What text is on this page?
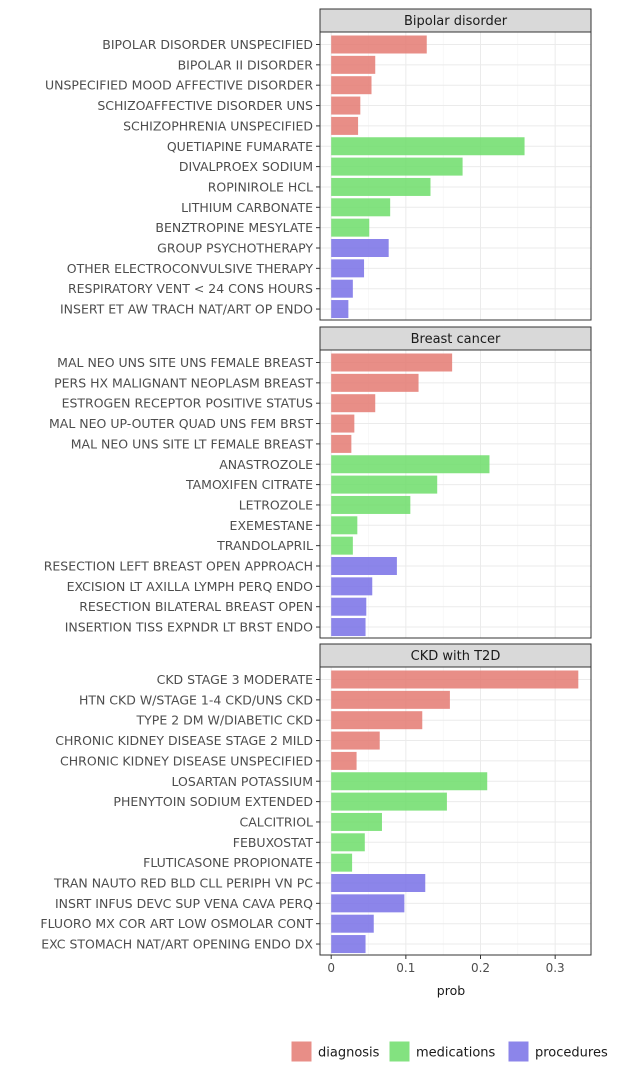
Bipolar disorder
BIPOLAR DISORDER UNSPECIFIED
BIPOLAR II DISORDER
UNSPECIFIED MOOD AFFECTIVE DISORDER
SCHIZOAFFECTIVE DISORDER UNS
SCHIZOPHRENIA UNSPECIFIED
QUETIAPINE FUMARATE
DIVALPROEX SODIUM
ROPINIROLE HCL
LITHIUM CARBONATE
BENZTROPINE MESYLATE
GROUP PSYCHOTHERAPY
OTHER ELECTROCONVULSIVE THERAPY
RESPIRATORY VENT < 24 CONS HOURS
INSERT ET AW TRACH NAT/ART OP ENDO
Breast cancer
MAL NEO UNS SITE UNS FEMALE BREAST
PERS HX MALIGNANT NEOPLASM BREAST
ESTROGEN RECEPTOR POSITIVE STATUS
MAL NEO UP-OUTER QUAD UNS FEM BRST
MAL NEO UNS SITE LT FEMALE BREAST
ANASTROZOLE
TAMOXIFEN CITRATE
LETROZOLE
EXEMESTANE
TRANDOLAPRIL
RESECTION LEFT BREAST OPEN APPROACH
EXCISION LT AXILLA LYMPH PERQ ENDO
RESECTION BILATERAL BREAST OPEN
INSERTION TISS EXPNDR LT BRST ENDO
CKD with T2D
CKD STAGE 3 MODERATE
HTN CKD W/STAGE 1-4 CKD/UNS CKD
TYPE 2 DM W/DIABETIC CKD
CHRONIC KIDNEY DISEASE STAGE 2 MILD
CHRONIC KIDNEY DISEASE UNSPECIFIED
LOSARTAN POTASSIUM
PHENYTOIN SODIUM EXTENDED
CALCITRIOL
FEBUXOSTAT
FLUTICASONE PROPIONATE
TRAN NAUTO RED BLD CLL PERIPH VN PC
INSRT INFUS DEVC SUP VENA CAVA PERQ
FLUORO MX COR ART LOW OSMOLAR CONT
EXC STOMACH NAT/ART OPENING ENDO DX
0	0.1	0.2	0.3
prob
diagnosis	medications	procedures
